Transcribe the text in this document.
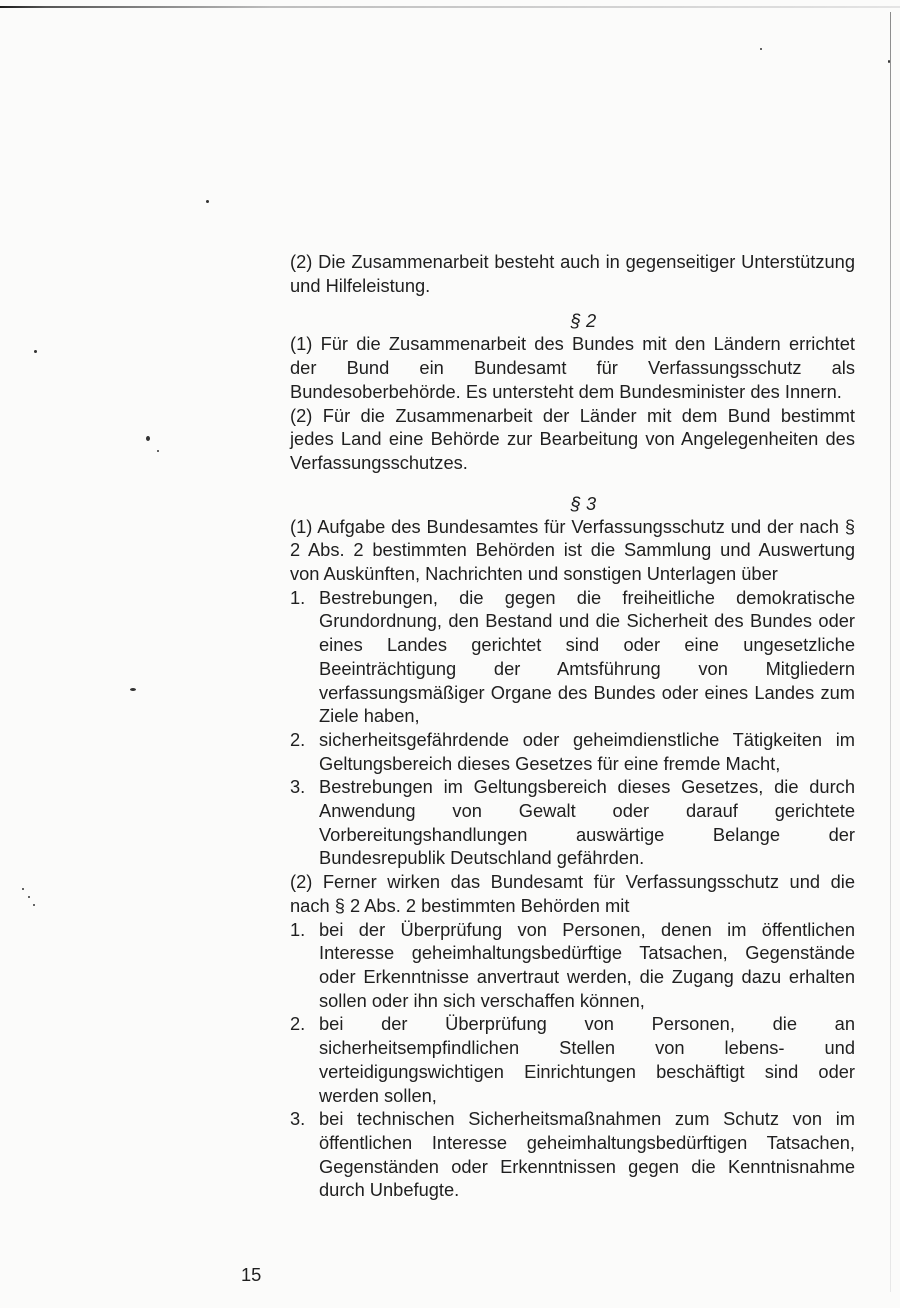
(2) Die Zusammenarbeit besteht auch in gegenseitiger Unterstützung und Hilfeleistung.

§ 2

(1) Für die Zusammenarbeit des Bundes mit den Ländern errichtet der Bund ein Bundesamt für Verfassungsschutz als Bundesoberbehörde. Es untersteht dem Bundesminister des Innern.

(2) Für die Zusammenarbeit der Länder mit dem Bund bestimmt jedes Land eine Behörde zur Bearbeitung von Angelegenheiten des Verfassungsschutzes.

§ 3

(1) Aufgabe des Bundesamtes für Verfassungsschutz und der nach § 2 Abs. 2 bestimmten Behörden ist die Sammlung und Auswertung von Auskünften, Nachrichten und sonstigen Unterlagen über

1. Bestrebungen, die gegen die freiheitliche demokratische Grundordnung, den Bestand und die Sicherheit des Bundes oder eines Landes gerichtet sind oder eine ungesetzliche Beeinträchtigung der Amtsführung von Mitgliedern verfassungsmäßiger Organe des Bundes oder eines Landes zum Ziele haben,

2. sicherheitsgefährdende oder geheimdienstliche Tätigkeiten im Geltungsbereich dieses Gesetzes für eine fremde Macht,

3. Bestrebungen im Geltungsbereich dieses Gesetzes, die durch Anwendung von Gewalt oder darauf gerichtete Vorbereitungshandlungen auswärtige Belange der Bundesrepublik Deutschland gefährden.

(2) Ferner wirken das Bundesamt für Verfassungsschutz und die nach § 2 Abs. 2 bestimmten Behörden mit

1. bei der Überprüfung von Personen, denen im öffentlichen Interesse geheimhaltungsbedürftige Tatsachen, Gegenstände oder Erkenntnisse anvertraut werden, die Zugang dazu erhalten sollen oder ihn sich verschaffen können,

2. bei der Überprüfung von Personen, die an sicherheitsempfindlichen Stellen von lebens- und verteidigungswichtigen Einrichtungen beschäftigt sind oder werden sollen,

3. bei technischen Sicherheitsmaßnahmen zum Schutz von im öffentlichen Interesse geheimhaltungsbedürftigen Tatsachen, Gegenständen oder Erkenntnissen gegen die Kenntnisnahme durch Unbefugte.

15
